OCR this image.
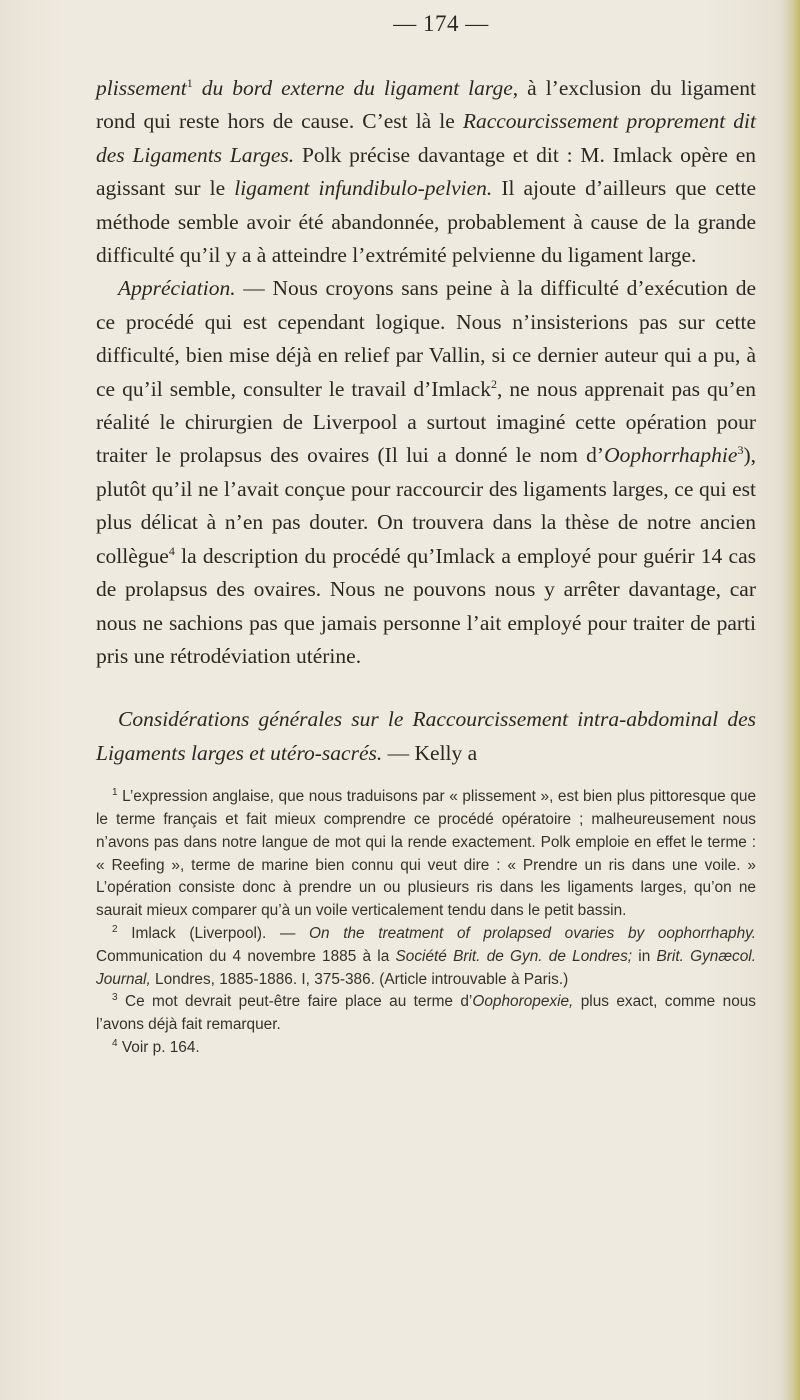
— 174 —

plissement$^1$ du bord externe du ligament large, à l’exclusion du ligament rond qui reste hors de cause. C’est là le Raccourcissement proprement dit des Ligaments Larges. Polk précise davantage et dit : M. Imlack opère en agissant sur le ligament infundibulo-pelvien. Il ajoute d’ailleurs que cette méthode semble avoir été abandonnée, probablement à cause de la grande difficulté qu’il y a à atteindre l’extrémité pelvienne du ligament large.

Appréciation. — Nous croyons sans peine à la difficulté d’exécution de ce procédé qui est cependant logique. Nous n’insisterions pas sur cette difficulté, bien mise déjà en relief par Vallin, si ce dernier auteur qui a pu, à ce qu’il semble, consulter le travail d’Imlack$^2$, ne nous apprenait pas qu’en réalité le chirurgien de Liverpool a surtout imaginé cette opération pour traiter le prolapsus des ovaires (Il lui a donné le nom d’Oophorrhaphie$^3$), plutôt qu’il ne l’avait conçue pour raccourcir des ligaments larges, ce qui est plus délicat à n’en pas douter. On trouvera dans la thèse de notre ancien collègue$^4$ la description du procédé qu’Imlack a employé pour guérir 14 cas de prolapsus des ovaires. Nous ne pouvons nous y arrêter davantage, car nous ne sachions pas que jamais personne l’ait employé pour traiter de parti pris une rétrodéviation utérine.

Considérations générales sur le Raccourcissement intra-abdominal des Ligaments larges et utéro-sacrés. — Kelly a

$^1$ L’expression anglaise, que nous traduisons par « plissement », est bien plus pittoresque que le terme français et fait mieux comprendre ce procédé opératoire ; malheureusement nous n’avons pas dans notre langue de mot qui la rende exactement. Polk emploie en effet le terme : « Reefing », terme de marine bien connu qui veut dire : « Prendre un ris dans une voile. » L’opération consiste donc à prendre un ou plusieurs ris dans les ligaments larges, qu’on ne saurait mieux comparer qu’à un voile verticalement tendu dans le petit bassin.

$^2$ Imlack (Liverpool). — On the treatment of prolapsed ovaries by oophorrhaphy. Communication du 4 novembre 1885 à la Société Brit. de Gyn. de Londres; in Brit. Gynæcol. Journal, Londres, 1885-1886. I, 375-386. (Article introuvable à Paris.)

$^3$ Ce mot devrait peut-être faire place au terme d’Oophoropexie, plus exact, comme nous l’avons déjà fait remarquer.

$^4$ Voir p. 164.
